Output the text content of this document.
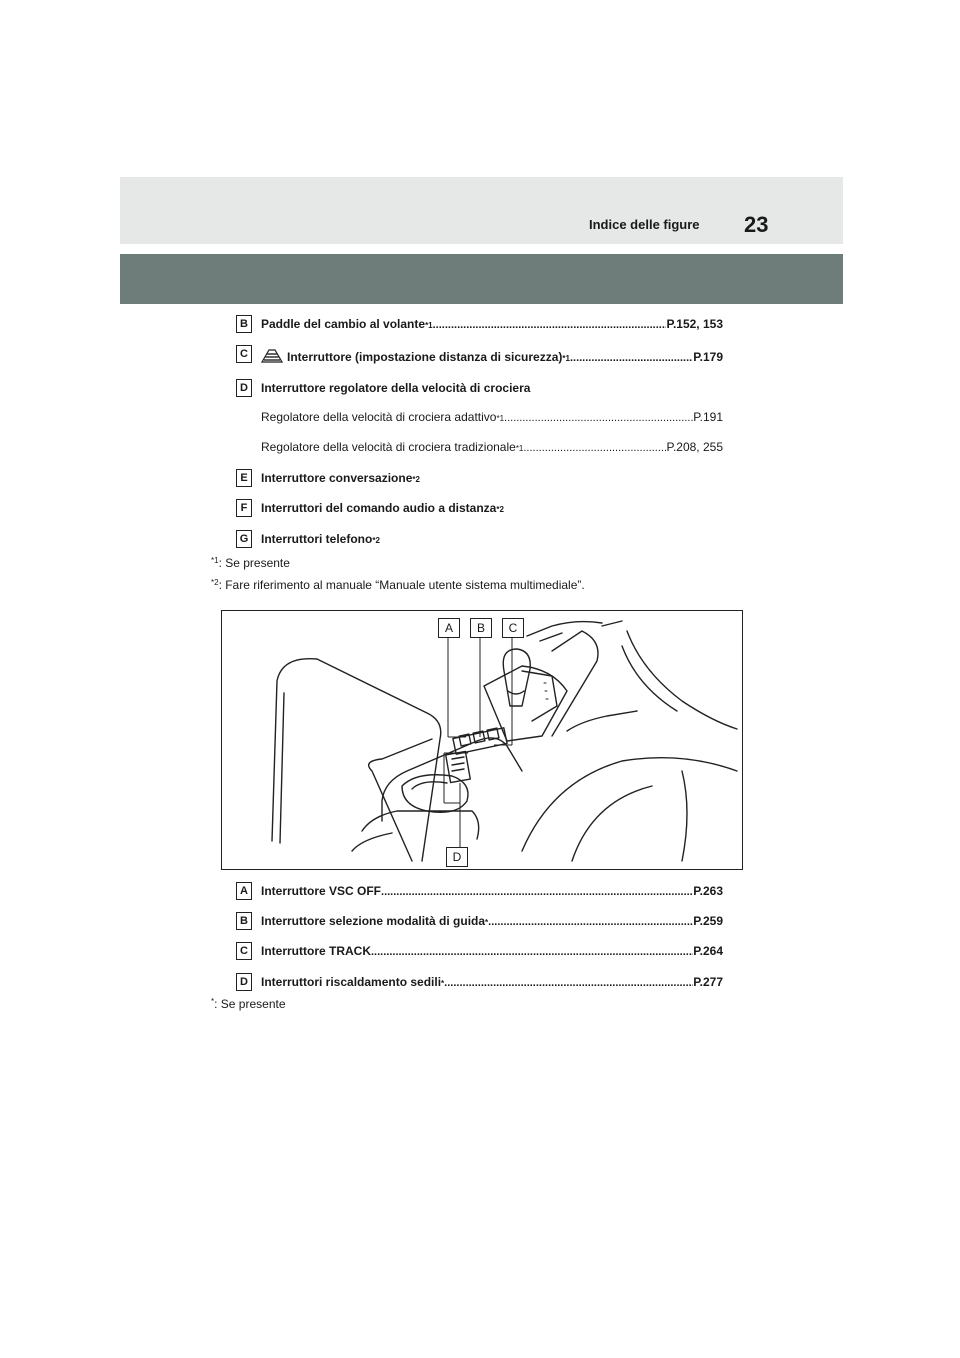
Indice delle figure 23
B	Paddle del cambio al volante *1 .....	P.152, 153
C	Interruttore (impostazione distanza di sicurezza) *1 .....	P.179
D	Interruttore regolatore della velocità di crociera
Regolatore della velocità di crociera adattivo *1 .....	P.191
Regolatore della velocità di crociera tradizionale *1 .....	P.208, 255
E	Interruttore conversazione *2
F	Interruttori del comando audio a distanza *2
G	Interruttori telefono *2
$^{*1}$: Se presente
$^{*2}$: Fare riferimento al manuale “Manuale utente sistema multimediale”.
A	B	C
D
A	Interruttore VSC OFF .....	P.263
B	Interruttore selezione modalità di guida * .....	P.259
C	Interruttore TRACK .....	P.264
D	Interruttori riscaldamento sedili * .....	P.277
*: Se presente
